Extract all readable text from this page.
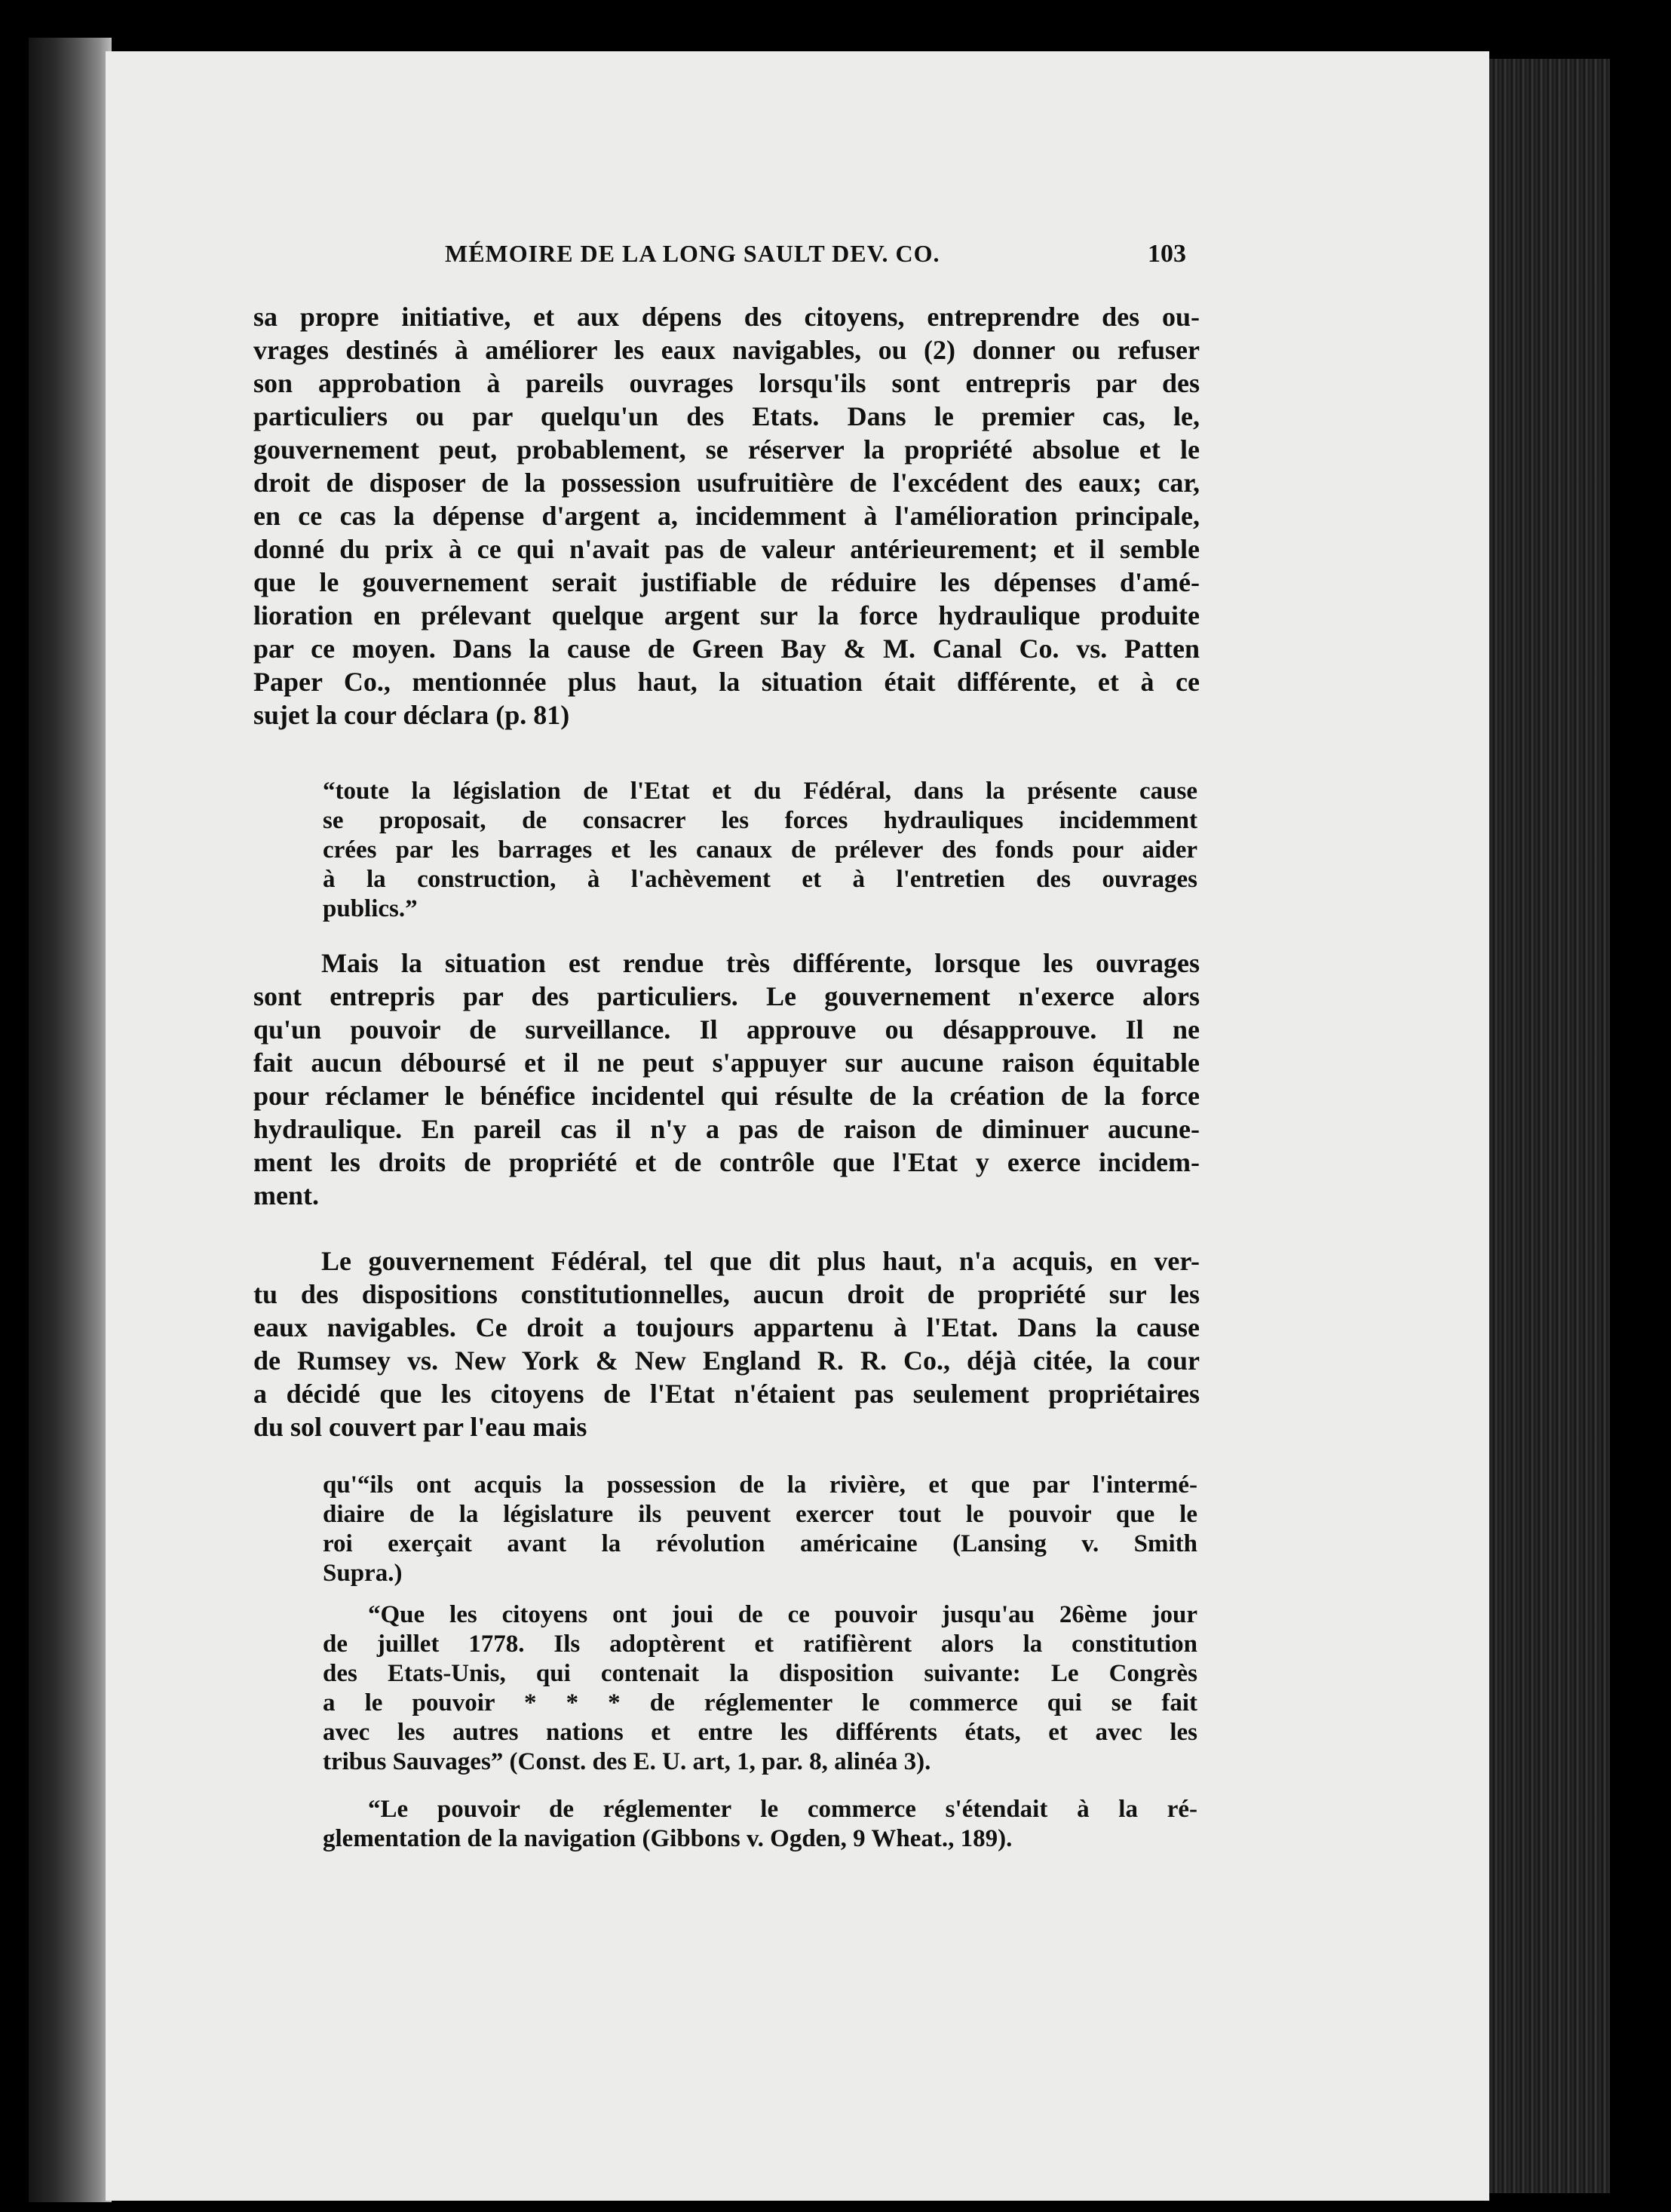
MÉMOIRE DE LA LONG SAULT DEV. CO.	103
sa propre initiative, et aux dépens des citoyens, entreprendre des ou-
vrages destinés à améliorer les eaux navigables, ou (2) donner ou refuser
son approbation à pareils ouvrages lorsqu'ils sont entrepris par des
particuliers ou par quelqu'un des Etats. Dans le premier cas, le,
gouvernement peut, probablement, se réserver la propriété absolue et le
droit de disposer de la possession usufruitière de l'excédent des eaux; car,
en ce cas la dépense d'argent a, incidemment à l'amélioration principale,
donné du prix à ce qui n'avait pas de valeur antérieurement; et il semble
que le gouvernement serait justifiable de réduire les dépenses d'amé-
lioration en prélevant quelque argent sur la force hydraulique produite
par ce moyen. Dans la cause de Green Bay & M. Canal Co. vs. Patten
Paper Co., mentionnée plus haut, la situation était différente, et à ce
sujet la cour déclara (p. 81)
“toute la législation de l'Etat et du Fédéral, dans la présente cause
se proposait, de consacrer les forces hydrauliques incidemment
crées par les barrages et les canaux de prélever des fonds pour aider
à la construction, à l'achèvement et à l'entretien des ouvrages
publics.”
Mais la situation est rendue très différente, lorsque les ouvrages
sont entrepris par des particuliers. Le gouvernement n'exerce alors
qu'un pouvoir de surveillance. Il approuve ou désapprouve. Il ne
fait aucun déboursé et il ne peut s'appuyer sur aucune raison équitable
pour réclamer le bénéfice incidentel qui résulte de la création de la force
hydraulique. En pareil cas il n'y a pas de raison de diminuer aucune-
ment les droits de propriété et de contrôle que l'Etat y exerce incidem-
ment.
Le gouvernement Fédéral, tel que dit plus haut, n'a acquis, en ver-
tu des dispositions constitutionnelles, aucun droit de propriété sur les
eaux navigables. Ce droit a toujours appartenu à l'Etat. Dans la cause
de Rumsey vs. New York & New England R. R. Co., déjà citée, la cour
a décidé que les citoyens de l'Etat n'étaient pas seulement propriétaires
du sol couvert par l'eau mais
qu'“ils ont acquis la possession de la rivière, et que par l'intermé-
diaire de la législature ils peuvent exercer tout le pouvoir que le
roi exerçait avant la révolution américaine (Lansing v. Smith
Supra.)
“Que les citoyens ont joui de ce pouvoir jusqu'au 26ème jour
de juillet 1778. Ils adoptèrent et ratifièrent alors la constitution
des Etats-Unis, qui contenait la disposition suivante: Le Congrès
a le pouvoir * * * de réglementer le commerce qui se fait
avec les autres nations et entre les différents états, et avec les
tribus Sauvages” (Const. des E. U. art, 1, par. 8, alinéa 3).
“Le pouvoir de réglementer le commerce s'étendait à la ré-
glementation de la navigation (Gibbons v. Ogden, 9 Wheat., 189).
